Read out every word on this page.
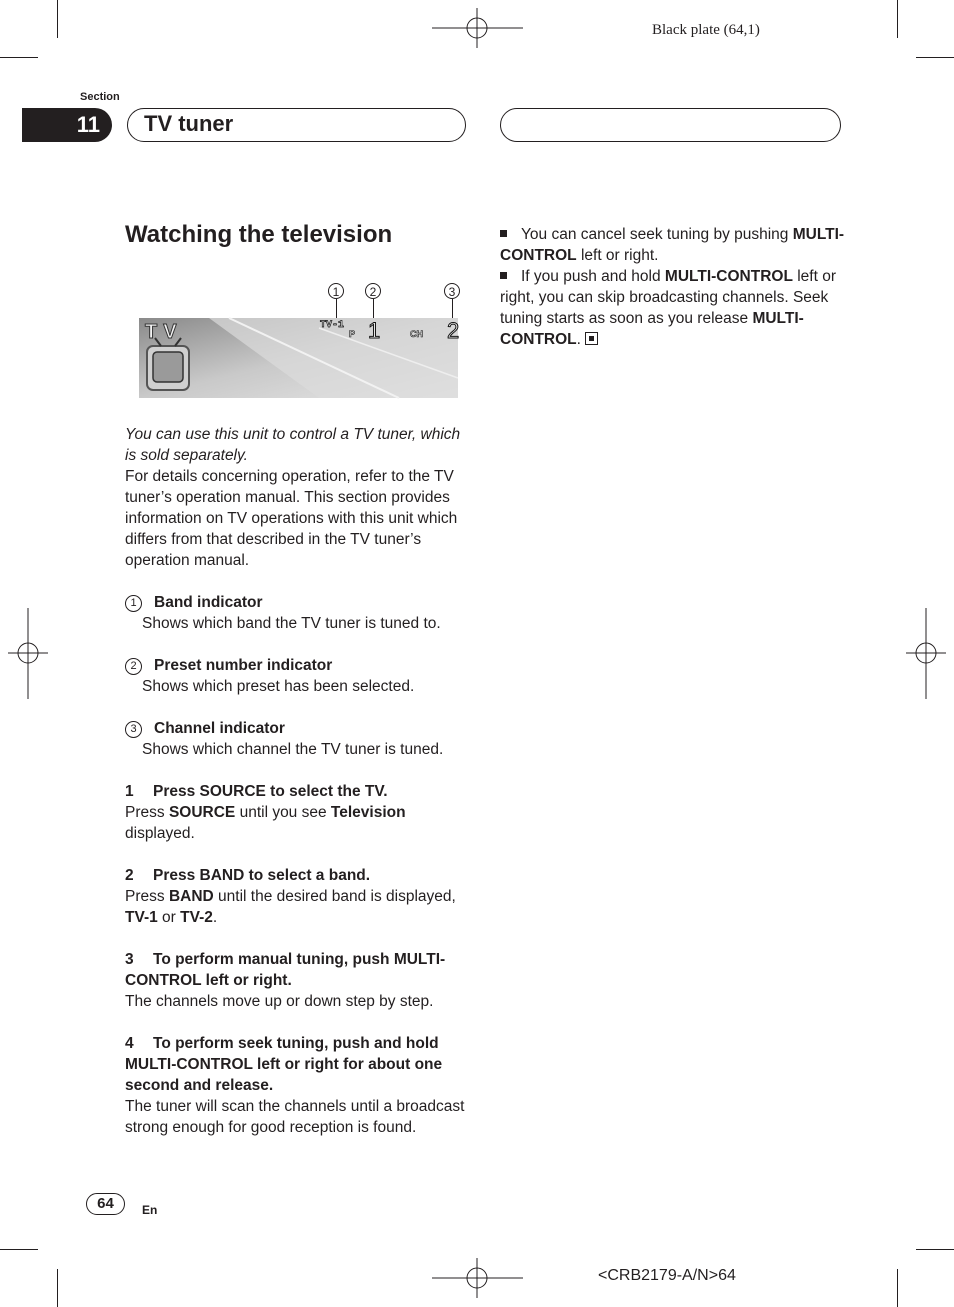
Black plate (64,1)
Section
11	TV tuner
Watching the television
1	2	3
TV	TV-1
P 1	CH 2

You can use this unit to control a TV tuner, which is sold separately.

For details concerning operation, refer to the TV tuner’s operation manual. This section provides information on TV operations with this unit which differs from that described in the TV tuner’s operation manual.

1 Band indicator

Shows which band the TV tuner is tuned to.

2 Preset number indicator

Shows which preset has been selected.

3 Channel indicator

Shows which channel the TV tuner is tuned.

1 Press SOURCE to select the TV.

Press SOURCE until you see Television displayed.

2 Press BAND to select a band.

Press BAND until the desired band is displayed, TV-1 or TV-2.

3 To perform manual tuning, push MULTI-CONTROL left or right.

The channels move up or down step by step.

4 To perform seek tuning, push and hold MULTI-CONTROL left or right for about one second and release.

The tuner will scan the channels until a broadcast strong enough for good reception is found.

You can cancel seek tuning by pushing MULTI-CONTROL left or right.

If you push and hold MULTI-CONTROL left or right, you can skip broadcasting channels. Seek tuning starts as soon as you release MULTI-CONTROL.

64	En
<CRB2179-A/N>64
